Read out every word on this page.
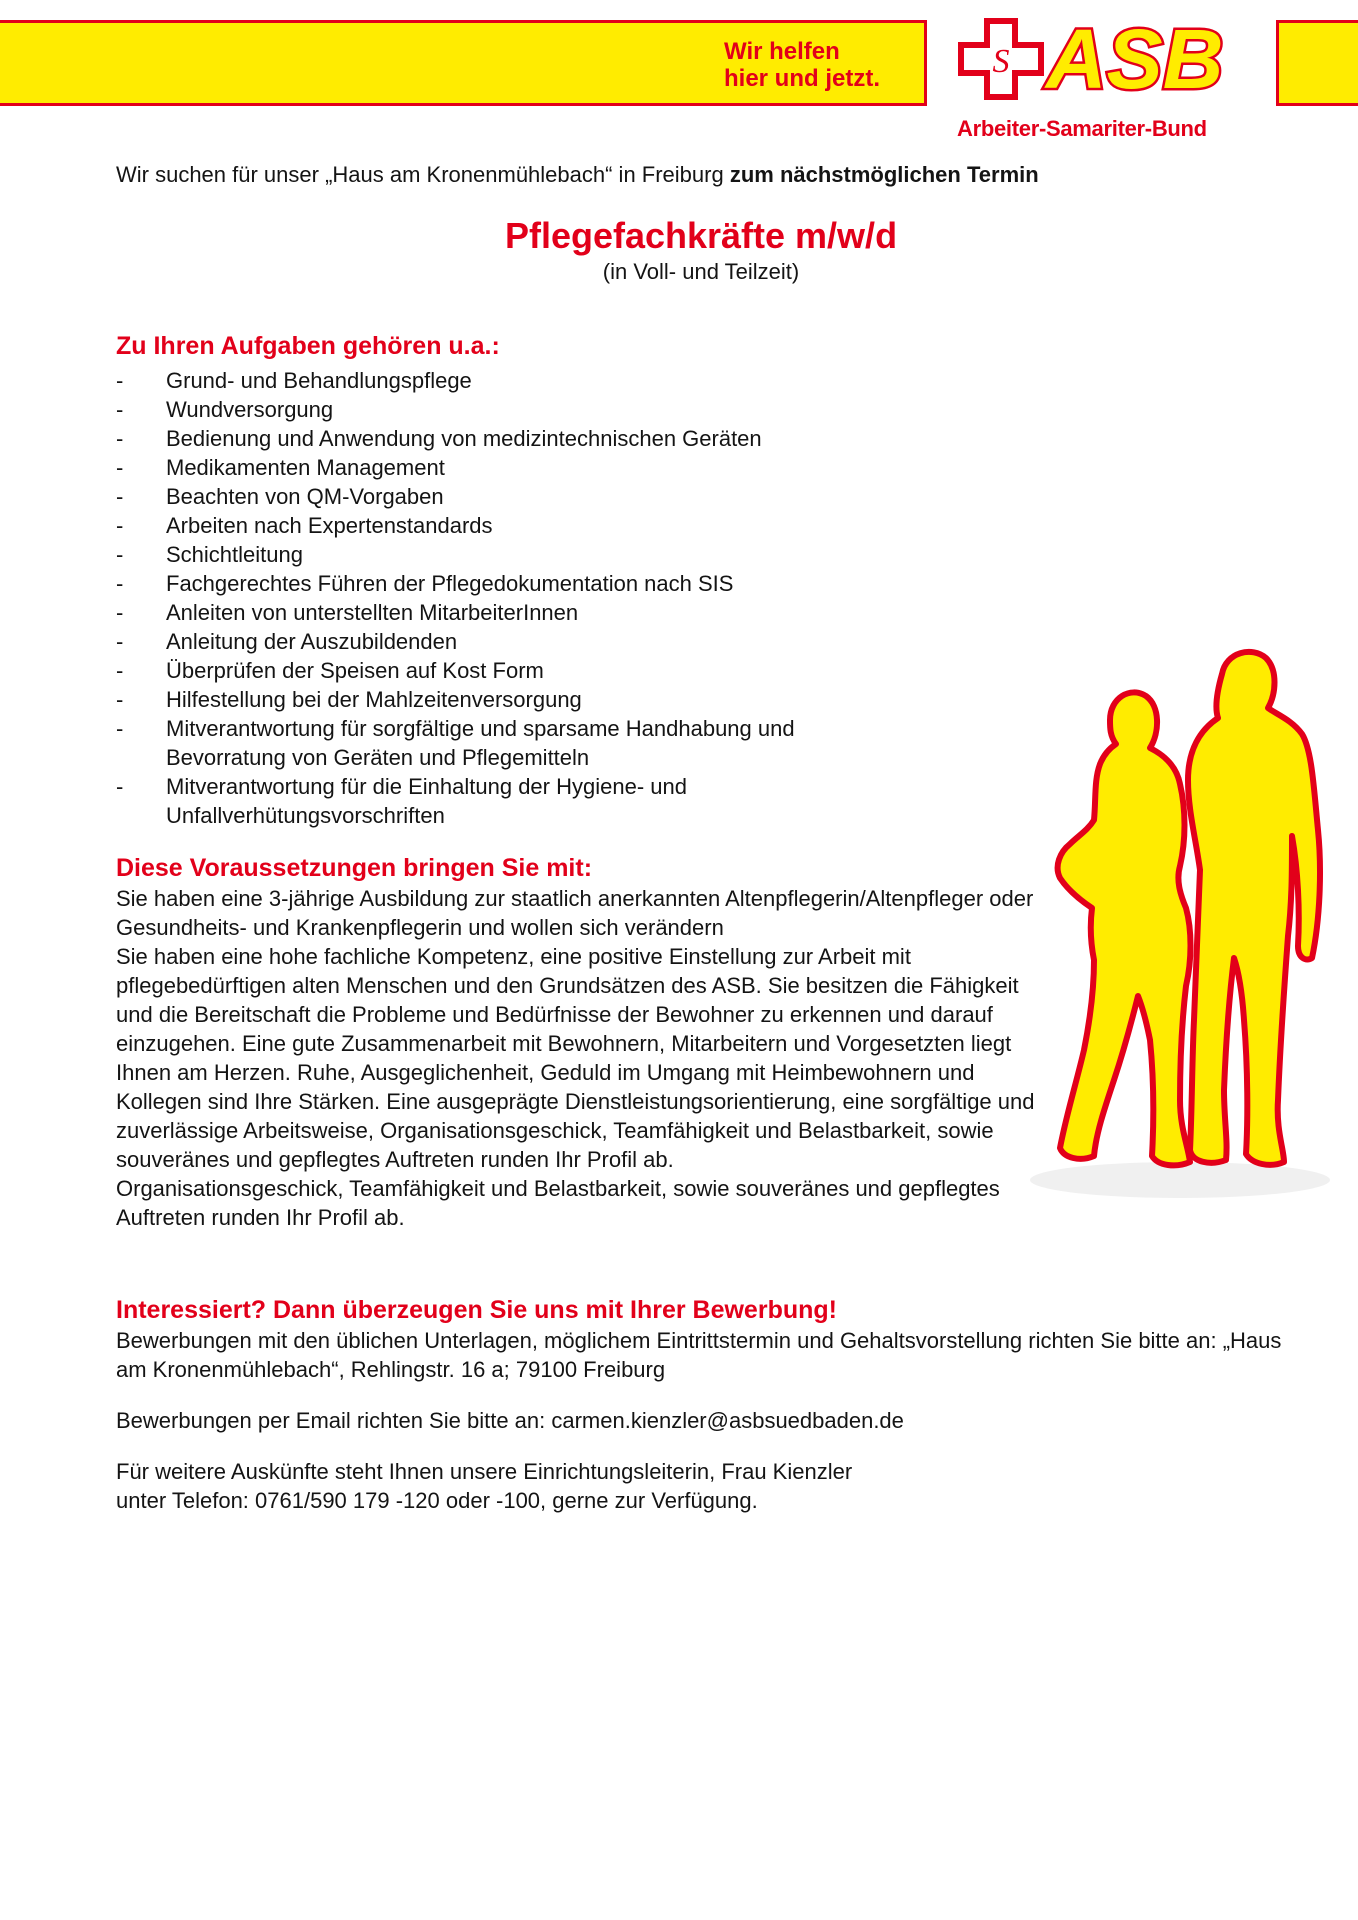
Wir helfen
hier und jetzt.	S ASB
Arbeiter-Samariter-Bund

Wir suchen für unser „Haus am Kronenmühlebach“ in Freiburg zum nächstmöglichen Termin

Pflegefachkräfte m/w/d

(in Voll- und Teilzeit)

Zu Ihren Aufgaben gehören u.a.:
- Grund- und Behandlungspflege
- Wundversorgung
- Bedienung und Anwendung von medizintechnischen Geräten
- Medikamenten Management
- Beachten von QM-Vorgaben
- Arbeiten nach Expertenstandards
- Schichtleitung
- Fachgerechtes Führen der Pflegedokumentation nach SIS
- Anleiten von unterstellten MitarbeiterInnen
- Anleitung der Auszubildenden
- Überprüfen der Speisen auf Kost Form
- Hilfestellung bei der Mahlzeitenversorgung
- Mitverantwortung für sorgfältige und sparsame Handhabung und Bevorratung von Geräten und Pflegemitteln
- Mitverantwortung für die Einhaltung der Hygiene- und Unfallverhütungsvorschriften
Diese Voraussetzungen bringen Sie mit:

Sie haben eine 3-jährige Ausbildung zur staatlich anerkannten Altenpflegerin/Altenpfleger oder Gesundheits- und Krankenpflegerin und wollen sich verändern
Sie haben eine hohe fachliche Kompetenz, eine positive Einstellung zur Arbeit mit pflegebedürftigen alten Menschen und den Grundsätzen des ASB. Sie besitzen die Fähigkeit und die Bereitschaft die Probleme und Bedürfnisse der Bewohner zu erkennen und darauf einzugehen. Eine gute Zusammenarbeit mit Bewohnern, Mitarbeitern und Vorgesetzten liegt Ihnen am Herzen. Ruhe, Ausgeglichenheit, Geduld im Umgang mit Heimbewohnern und Kollegen sind Ihre Stärken. Eine ausgeprägte Dienstleistungsorientierung, eine sorgfältige und zuverlässige Arbeitsweise, Organisationsgeschick, Teamfähigkeit und Belastbarkeit, sowie souveränes und gepflegtes Auftreten runden Ihr Profil ab.
Organisationsgeschick, Teamfähigkeit und Belastbarkeit, sowie souveränes und gepflegtes Auftreten runden Ihr Profil ab.

Interessiert? Dann überzeugen Sie uns mit Ihrer Bewerbung!

Bewerbungen mit den üblichen Unterlagen, möglichem Eintrittstermin und Gehaltsvorstellung richten Sie bitte an: „Haus am Kronenmühlebach“, Rehlingstr. 16 a; 79100 Freiburg

Bewerbungen per Email richten Sie bitte an: carmen.kienzler@asbsuedbaden.de

Für weitere Auskünfte steht Ihnen unsere Einrichtungsleiterin, Frau Kienzler

unter Telefon: 0761/590 179 -120 oder -100, gerne zur Verfügung.
